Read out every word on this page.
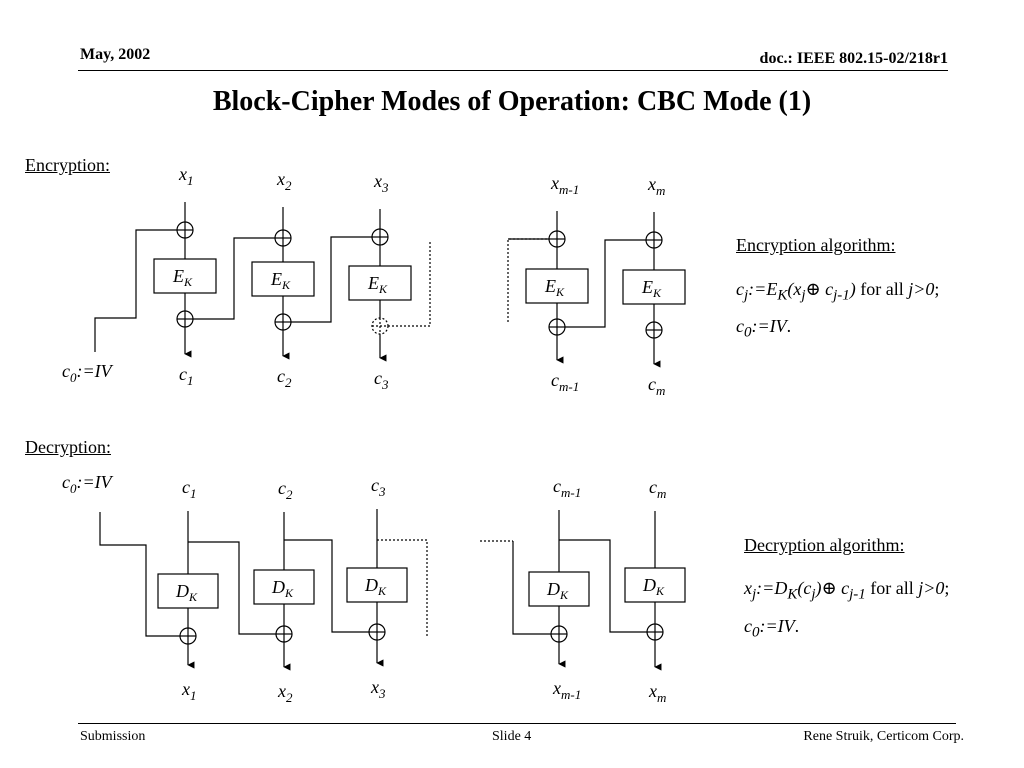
May, 2002	doc.: IEEE 802.15-02/218r1
Block-Cipher Modes of Operation: CBC Mode (1)
Encryption:
Decryption:
$c_0:=IV$
$E_K$
$x_1$
$c_1$
$E_K$
$x_2$
$c_2$
$E_K$
$x_3$
$c_3$
$E_K$
$x_{m-1}$
$c_{m-1}$
$E_K$
$x_m$
$c_m$
$c_0:=IV$
$D_K$
$c_1$
$x_1$
$D_K$
$c_2$
$x_2$
$D_K$
$c_3$
$x_3$
$D_K$
$c_{m-1}$
$x_{m-1}$
$D_K$
$c_m$
$x_m$
Encryption algorithm:
$c_j:=E_K(x_j\oplus$ $c_{j-1}$) for all j>0;
$c_0:=IV$.
Decryption algorithm:
$x_j:=D_K(c_j)\oplus$ $c_{j-1}$ for all j>0;
$c_0:=IV$.
Submission	Slide 4	Rene Struik, Certicom Corp.
